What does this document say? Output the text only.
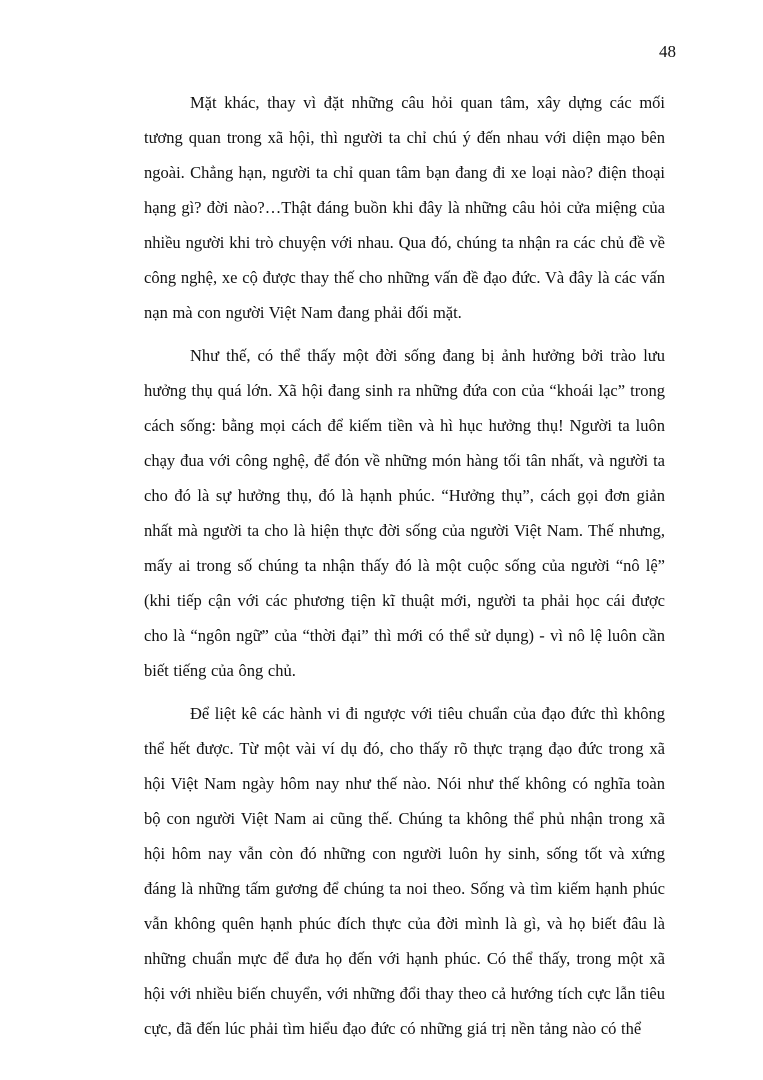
48

Mặt khác, thay vì đặt những câu hỏi quan tâm, xây dựng các mối tương quan trong xã hội, thì người ta chỉ chú ý đến nhau với diện mạo bên ngoài. Chẳng hạn, người ta chỉ quan tâm bạn đang đi xe loại nào? điện thoại hạng gì? đời nào?…Thật đáng buồn khi đây là những câu hỏi cửa miệng của nhiều người khi trò chuyện với nhau. Qua đó, chúng ta nhận ra các chủ đề về công nghệ, xe cộ được thay thế cho những vấn đề đạo đức. Và đây là các vấn nạn mà con người Việt Nam đang phải đối mặt.

Như thế, có thể thấy một đời sống đang bị ảnh hưởng bởi trào lưu hưởng thụ quá lớn. Xã hội đang sinh ra những đứa con của “khoái lạc” trong cách sống: bằng mọi cách để kiếm tiền và hì hục hưởng thụ! Người ta luôn chạy đua với công nghệ, để đón về những món hàng tối tân nhất, và người ta cho đó là sự hưởng thụ, đó là hạnh phúc. “Hưởng thụ”, cách gọi đơn giản nhất mà người ta cho là hiện thực đời sống của người Việt Nam. Thế nhưng, mấy ai trong số chúng ta nhận thấy đó là một cuộc sống của người “nô lệ” (khi tiếp cận với các phương tiện kĩ thuật mới, người ta phải học cái được cho là “ngôn ngữ” của “thời đại” thì mới có thể sử dụng) - vì nô lệ luôn cần biết tiếng của ông chủ.

Để liệt kê các hành vi đi ngược với tiêu chuẩn của đạo đức thì không thể hết được. Từ một vài ví dụ đó, cho thấy rõ thực trạng đạo đức trong xã hội Việt Nam ngày hôm nay như thế nào. Nói như thế không có nghĩa toàn bộ con người Việt Nam ai cũng thế. Chúng ta không thể phủ nhận trong xã hội hôm nay vẫn còn đó những con người luôn hy sinh, sống tốt và xứng đáng là những tấm gương để chúng ta noi theo. Sống và tìm kiếm hạnh phúc vẫn không quên hạnh phúc đích thực của đời mình là gì, và họ biết đâu là những chuẩn mực để đưa họ đến với hạnh phúc. Có thể thấy, trong một xã hội với nhiều biến chuyển, với những đổi thay theo cả hướng tích cực lẫn tiêu cực, đã đến lúc phải tìm hiểu đạo đức có những giá trị nền tảng nào có thể
